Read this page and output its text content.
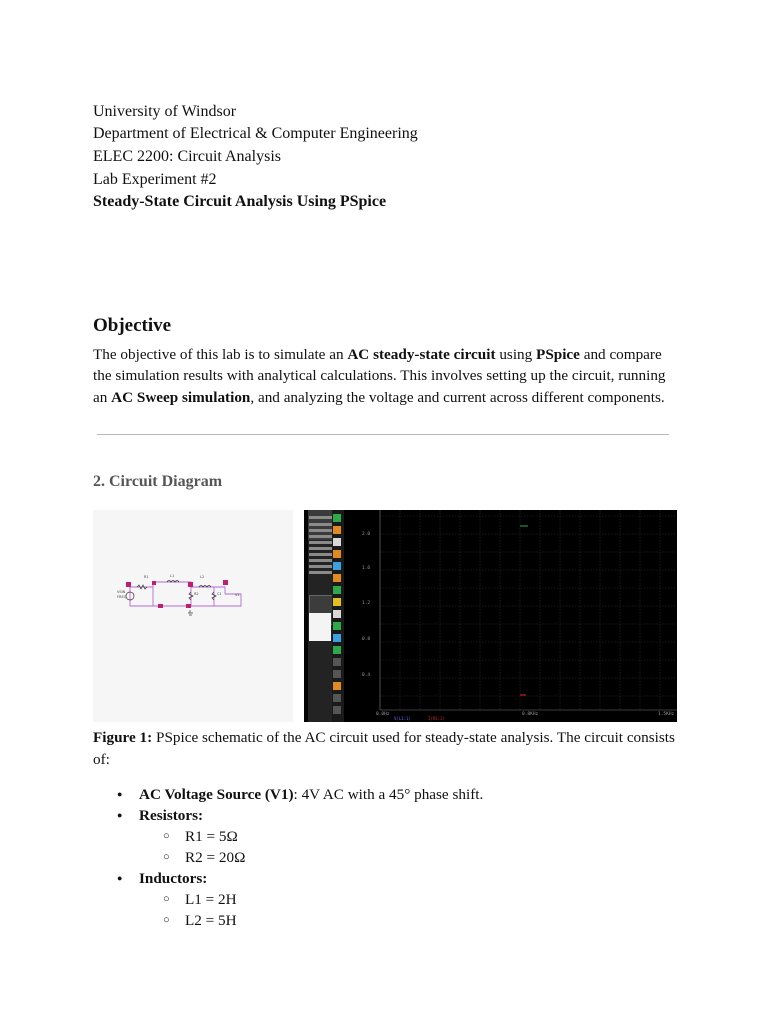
University of Windsor
Department of Electrical & Computer Engineering
ELEC 2200: Circuit Analysis
Lab Experiment #2
Steady-State Circuit Analysis Using PSpice
Objective

The objective of this lab is to simulate an AC steady-state circuit using PSpice and compare the simulation results with analytical calculations. This involves setting up the circuit, running an AC Sweep simulation, and analyzing the voltage and current across different components.

2. Circuit Diagram
VSIN
FREQ
R1	L1	L2
R2	C1	V2
2.0
1.6
1.2
0.8
0.4
0.0Hz	0.8KHz	1.5KHz
V(L1:1)	I(R1:1)
Figure 1: PSpice schematic of the AC circuit used for steady-state analysis. The circuit consists of:
● AC Voltage Source (V1): 4V AC with a 45° phase shift.
● Resistors:
○ R1 = 5Ω
○ R2 = 20Ω
● Inductors:
○ L1 = 2H
○ L2 = 5H
